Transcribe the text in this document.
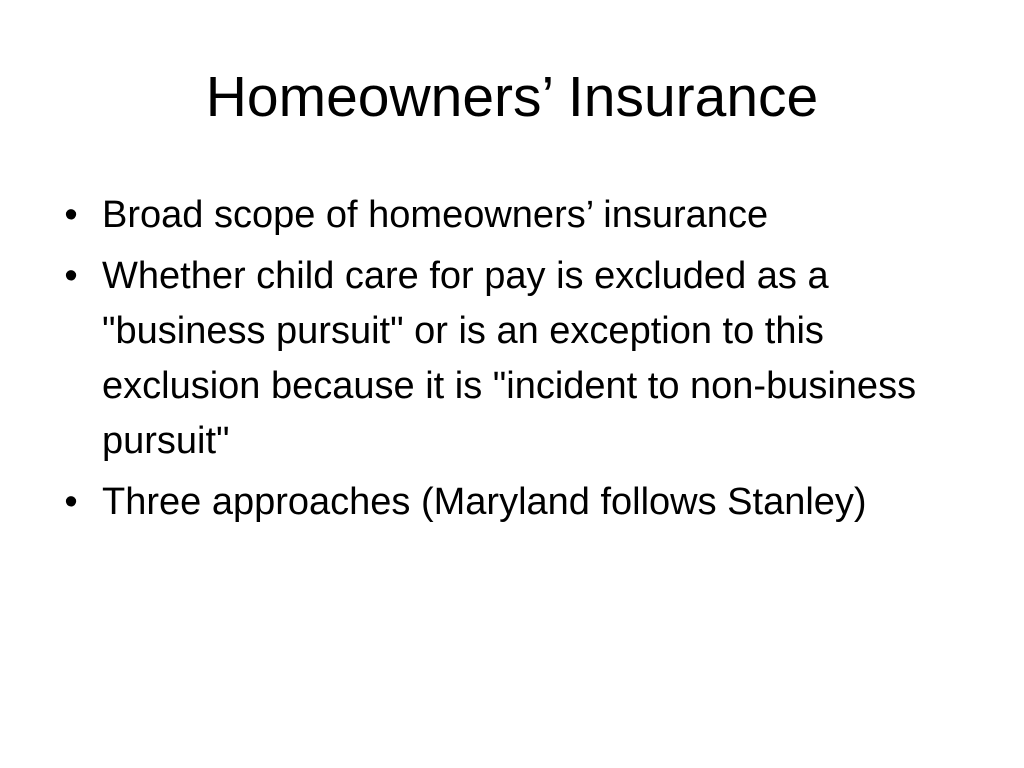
Homeowners’ Insurance
• Broad scope of homeowners’ insurance
• Whether child care for pay is excluded as a "business pursuit" or is an exception to this exclusion because it is "incident to non-business pursuit"
• Three approaches (Maryland follows Stanley)
